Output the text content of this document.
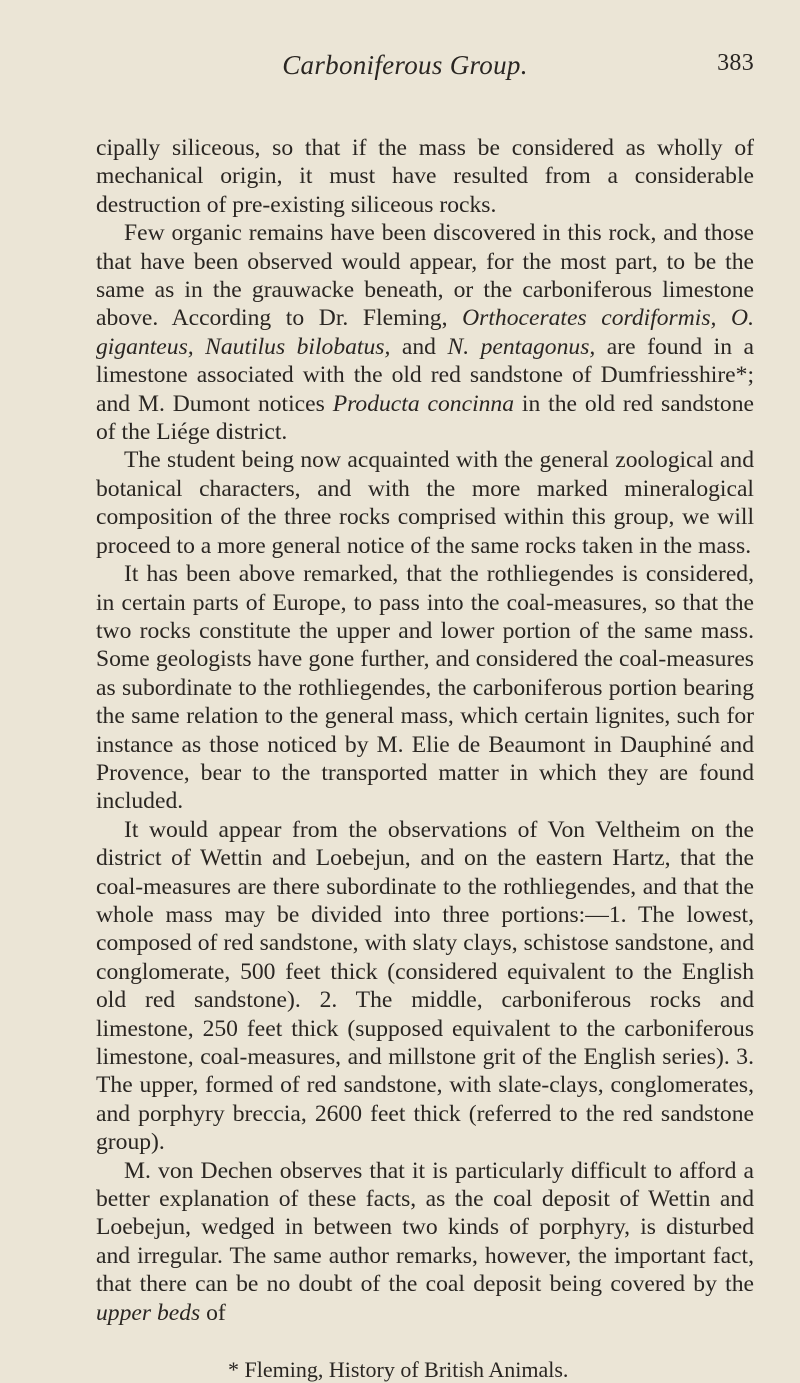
Carboniferous Group.	383

cipally siliceous, so that if the mass be considered as wholly of mechanical origin, it must have resulted from a considerable destruction of pre-existing siliceous rocks.

Few organic remains have been discovered in this rock, and those that have been observed would appear, for the most part, to be the same as in the grauwacke beneath, or the carboniferous limestone above. According to Dr. Fleming, Orthocerates cordiformis, O. giganteus, Nautilus bilobatus, and N. pentagonus, are found in a limestone associated with the old red sandstone of Dumfriesshire*; and M. Dumont notices Producta concinna in the old red sandstone of the Liége district.

The student being now acquainted with the general zoological and botanical characters, and with the more marked mineralogical composition of the three rocks comprised within this group, we will proceed to a more general notice of the same rocks taken in the mass.

It has been above remarked, that the rothliegendes is considered, in certain parts of Europe, to pass into the coal-measures, so that the two rocks constitute the upper and lower portion of the same mass. Some geologists have gone further, and considered the coal-measures as subordinate to the rothliegendes, the carboniferous portion bearing the same relation to the general mass, which certain lignites, such for instance as those noticed by M. Elie de Beaumont in Dauphiné and Provence, bear to the transported matter in which they are found included.

It would appear from the observations of Von Veltheim on the district of Wettin and Loebejun, and on the eastern Hartz, that the coal-measures are there subordinate to the rothliegendes, and that the whole mass may be divided into three portions:—1. The lowest, composed of red sandstone, with slaty clays, schistose sandstone, and conglomerate, 500 feet thick (considered equivalent to the English old red sandstone). 2. The middle, carboniferous rocks and limestone, 250 feet thick (supposed equivalent to the carboniferous limestone, coal-measures, and millstone grit of the English series). 3. The upper, formed of red sandstone, with slate-clays, conglomerates, and porphyry breccia, 2600 feet thick (referred to the red sandstone group).

M. von Dechen observes that it is particularly difficult to afford a better explanation of these facts, as the coal deposit of Wettin and Loebejun, wedged in between two kinds of porphyry, is disturbed and irregular. The same author remarks, however, the important fact, that there can be no doubt of the coal deposit being covered by the upper beds of

* Fleming, History of British Animals.
